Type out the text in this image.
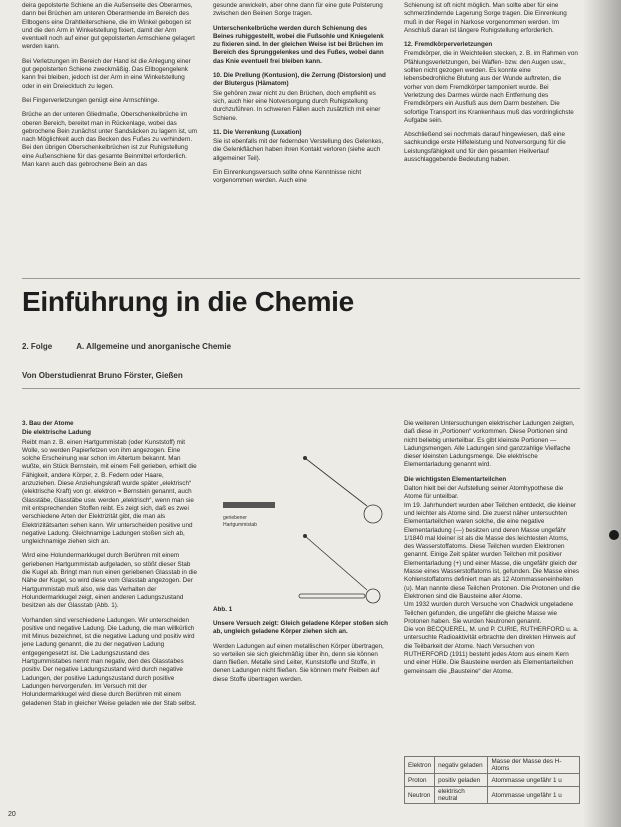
deira gepolsterte Schiene an die Außenseite des Oberarmes, dann bei Brüchen am unteren Oberarmende im Bereich des Ellbogens eine Drahtleiterschiene, die im Winkel gebogen ist und die den Arm in Winkelstellung fixiert, damit der Arm eventuell noch auf einer gut gepolsterten Armschiene gelagert werden kann.

Bei Verletzungen im Bereich der Hand ist die Anlegung einer gut gepolsterten Schiene zweckmäßig. Das Ellbogengelenk kann frei bleiben, jedoch ist der Arm in eine Winkelstellung oder in ein Dreiecktuch zu legen.

Bei Fingerverletzungen genügt eine Armschlinge.

Brüche an der unteren Gliedmaße, Oberschenkelbrüche im oberen Bereich, bereitet man in Rückenlage, wobei das gebrochene Bein zunächst unter Sandsäcken zu lagern ist, um nach Möglichkeit auch das Becken des Fußes zu verhindern. Bei den übrigen Oberschenkelbrüchen ist zur Ruhigstellung eine Außenschiene für das gesamte Beinmittel erforderlich. Man kann auch das gebrochene Bein an das

gesunde anwickeln, aber ohne dann für eine gute Polsterung zwischen den Beinen Sorge tragen.

Unterschenkelbrüche werden durch Schienung des Beines ruhiggestellt, wobei die Fußsohle und Kniegelenk zu fixieren sind. In der gleichen Weise ist bei Brüchen im Bereich des Sprunggelenkes und des Fußes, wobei dann das Knie eventuell frei bleiben kann.

10. Die Prellung (Kontusion), die Zerrung (Distorsion) und der Blutergus (Hämatom)

Sie gehören zwar nicht zu den Brüchen, doch empfiehlt es sich, auch hier eine Notversorgung durch Ruhigstellung durchzuführen. In schweren Fällen auch zusätzlich mit einer Schiene.

11. Die Verrenkung (Luxation)

Sie ist ebenfalls mit der federnden Verstellung des Gelenkes, die Gelenkflächen haben ihren Kontakt verloren (siehe auch allgemeiner Teil).

Ein Einrenkungsversuch sollte ohne Kenntnisse nicht vorgenommen werden. Auch eine

Schienung ist oft nicht möglich. Man sollte aber für eine schmerzlindernde Lagerung Sorge tragen. Die Einrenkung muß in der Regel in Narkose vorgenommen werden. Im Anschluß daran ist längere Ruhigstellung erforderlich.

12. Fremdkörperverletzungen

Fremdkörper, die in Weichteilen stecken, z. B. im Rahmen von Pfählungsverletzungen, bei Waffen- bzw. den Augen usw., sollten nicht gezogen werden. Es konnte eine lebensbedrohliche Blutung aus der Wunde auftreten, die vorher von dem Fremdkörper tamponiert wurde. Bei Verletzung des Darmes würde nach Entfernung des Fremdkörpers ein Ausfluß aus dem Darm bestehen. Die sofortige Transport ins Krankenhaus muß das vordringlichste Aufgabe sein.

Abschließend sei nochmals darauf hingewiesen, daß eine sachkundige erste Hilfeleistung und Notversorgung für die Leistungsfähigkeit und für den gesamten Heilverlauf ausschlaggebende Bedeutung haben.

Einführung in die Chemie
2. Folge	A. Allgemeine und anorganische Chemie
Von Oberstudienrat Bruno Förster, Gießen

3. Bau der Atome

Die elektrische Ladung

Reibt man z. B. einen Hartgummistab (oder Kunststoff) mit Wolle, so werden Papierfetzen von ihm angezogen. Eine solche Erscheinung war schon im Altertum bekannt. Man wußte, ein Stück Bernstein, mit einem Fell gerieben, erhielt die Fähigkeit, andere Körper, z. B. Federn oder Haare, anzuziehen. Diese Anziehungskraft wurde später „elektrisch“ (elektrische Kraft) von gr. elektron = Bernstein genannt, auch Glasstäbe, Glasstäbe usw. werden „elektrisch“, wenn man sie mit entsprechenden Stoffen reibt. Es zeigt sich, daß es zwei verschiedene Arten der Elektrizität gibt, die man als Elektrizitätsarten sehen kann. Wir unterscheiden positive und negative Ladung. Gleichnamige Ladungen stoßen sich ab, ungleichnamige ziehen sich an.

Wird eine Holundermarkkugel durch Berühren mit einem geriebenen Hartgummistab aufgeladen, so stößt dieser Stab die Kugel ab. Bringt man nun einen geriebenen Glasstab in die Nähe der Kugel, so wird diese vom Glasstab angezogen. Der Hartgummistab muß also, wie das Verhalten der Holundermarkkugel zeigt, einen anderen Ladungszustand besitzen als der Glasstab (Abb. 1).

Vorhanden sind verschiedene Ladungen. Wir unterscheiden positive und negative Ladung. Die Ladung, die man willkürlich mit Minus bezeichnet, ist die negative Ladung und positiv wird jene Ladung genannt, die zu der negativen Ladung entgegengesetzt ist. Die Ladungszustand des Hartgummistabes nennt man negativ, den des Glasstabes positiv. Der negative Ladungszustand wird durch negative Ladungen, der positive Ladungszustand durch positive Ladungen hervorgerufen. Im Versuch mit der Holundermarkkugel wird diese durch Berühren mit einem geladenen Stab in gleicher Weise geladen wie der Stab selbst.

geriebener
Hartgummistab
Abb. 1

Unsere Versuch zeigt: Gleich geladene Körper stoßen sich ab, ungleich geladene Körper ziehen sich an.

Werden Ladungen auf einen metallischen Körper übertragen, so verteilen sie sich gleichmäßig über ihn, denn sie können dann fließen. Metalle sind Leiter, Kunststoffe und Stoffe, in denen Ladungen nicht fließen. Sie können mehr Reiben auf diese Stoffe übertragen werden.

Die weiteren Untersuchungen elektrischer Ladungen zeigten, daß diese in „Portionen“ vorkommen. Diese Portionen sind nicht beliebig unterteilbar. Es gibt kleinste Portionen — Ladungsmengen. Alle Ladungen sind ganzzahlige Vielfache dieser kleinsten Ladungsmenge. Die elektrische Elementarladung genannt wird.

Die wichtigsten Elementarteilchen

Dalton hielt bei der Aufstellung seiner Atomhypothese die Atome für unteilbar.
Im 19. Jahrhundert wurden aber Teilchen entdeckt, die kleiner und leichter als Atome sind. Die zuerst näher untersuchten Elementarteilchen waren solche, die eine negative Elementarladung (—) besitzen und deren Masse ungefähr 1/1840 mal kleiner ist als die Masse des leichtesten Atoms, des Wasserstoffatoms. Diese Teilchen wurden Elektronen genannt. Einige Zeit später wurden Teilchen mit positiver Elementarladung (+) und einer Masse, die ungefähr gleich der Masse eines Wasserstoffatoms ist, gefunden. Die Masse eines Kohlenstoffatoms definiert man als 12 Atommasseneinheiten (u). Man nannte diese Teilchen Protonen. Die Protonen und die Elektronen sind die Bausteine aller Atome.
Um 1932 wurden durch Versuche von Chadwick ungeladene Teilchen gefunden, die ungefähr die gleiche Masse wie Protonen haben. Sie wurden Neutronen genannt.
Die von BECQUEREL, M. und P. CURIE, RUTHERFORD u. a. untersuchte Radioaktivität erbrachte den direkten Hinweis auf die Teilbarkeit der Atome. Nach Versuchen von RUTHERFORD (1911) besteht jedes Atom aus einem Kern und einer Hülle. Die Bausteine werden als Elementarteilchen gemeinsam die „Bausteine“ der Atome.

Elektron	negativ geladen	Masse der Masse des H-Atoms
Proton	positiv geladen	Atommasse ungefähr 1 u
Neutron	elektrisch neutral	Atommasse ungefähr 1 u
20
